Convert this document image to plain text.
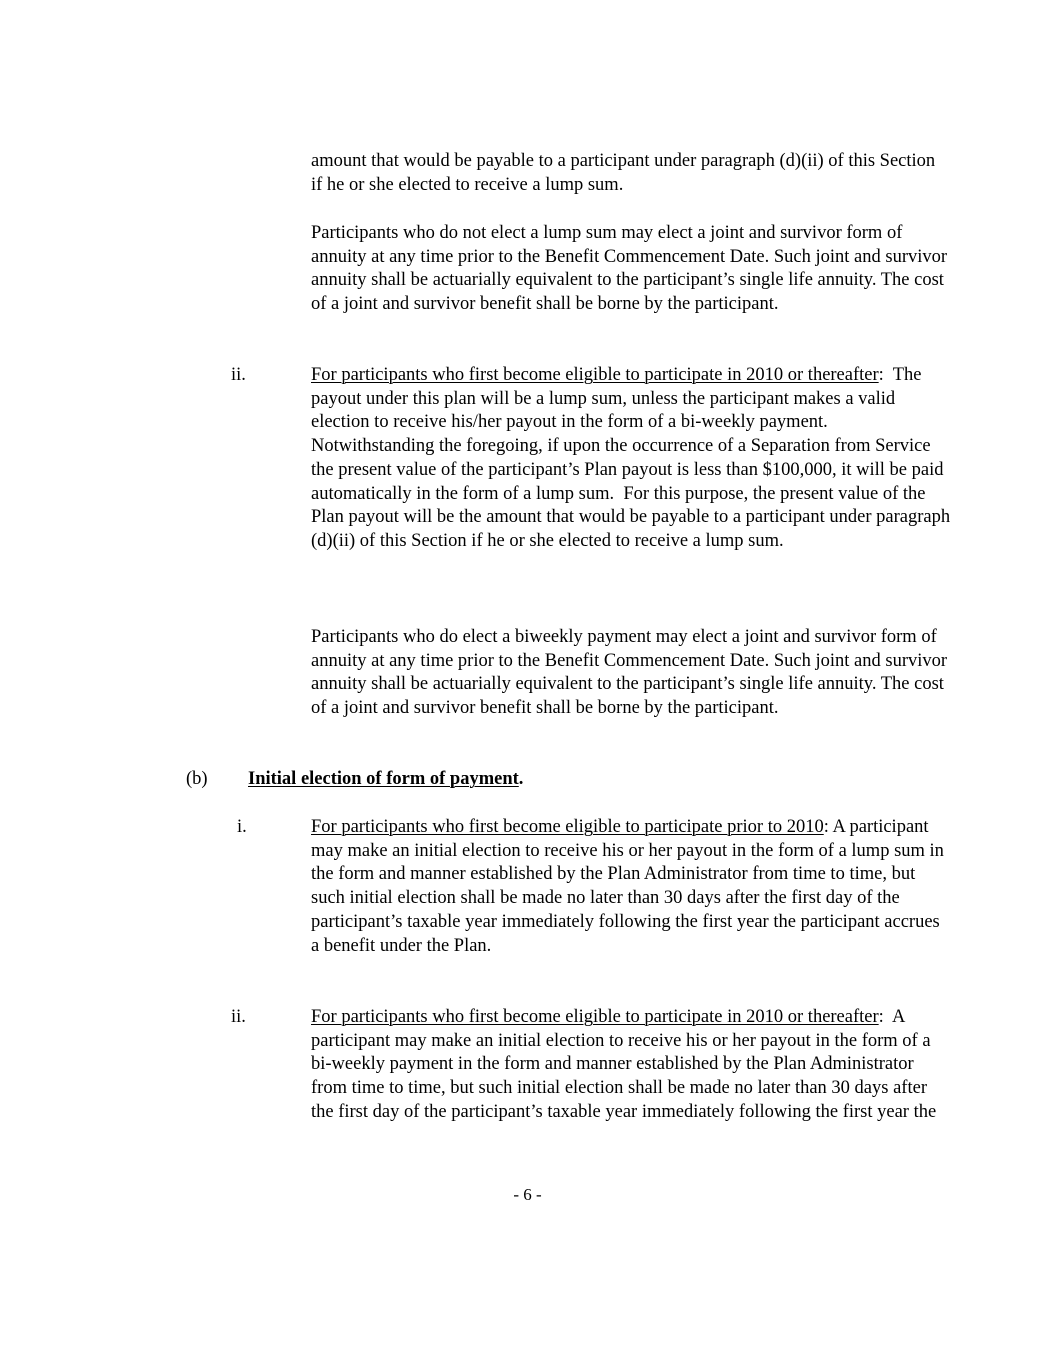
amount that would be payable to a participant under paragraph (d)(ii) of this Section if he or she elected to receive a lump sum.

Participants who do not elect a lump sum may elect a joint and survivor form of annuity at any time prior to the Benefit Commencement Date. Such joint and survivor annuity shall be actuarially equivalent to the participant’s single life annuity. The cost of a joint and survivor benefit shall be borne by the participant.

ii.	For participants who first become eligible to participate in 2010 or thereafter:  The payout under this plan will be a lump sum, unless the participant makes a valid election to receive his/her payout in the form of a bi-weekly payment.  Notwithstanding the foregoing, if upon the occurrence of a Separation from Service the present value of the participant’s Plan payout is less than $100,000, it will be paid automatically in the form of a lump sum.  For this purpose, the present value of the Plan payout will be the amount that would be payable to a participant under paragraph (d)(ii) of this Section if he or she elected to receive a lump sum.

Participants who do elect a biweekly payment may elect a joint and survivor form of annuity at any time prior to the Benefit Commencement Date. Such joint and survivor annuity shall be actuarially equivalent to the participant’s single life annuity. The cost of a joint and survivor benefit shall be borne by the participant.

(b) Initial election of form of payment.

i.	For participants who first become eligible to participate prior to 2010: A participant may make an initial election to receive his or her payout in the form of a lump sum in the form and manner established by the Plan Administrator from time to time, but such initial election shall be made no later than 30 days after the first day of the participant’s taxable year immediately following the first year the participant accrues a benefit under the Plan.

ii.	For participants who first become eligible to participate in 2010 or thereafter:  A participant may make an initial election to receive his or her payout in the form of a bi-weekly payment in the form and manner established by the Plan Administrator from time to time, but such initial election shall be made no later than 30 days after the first day of the participant’s taxable year immediately following the first year the

- 6 -
